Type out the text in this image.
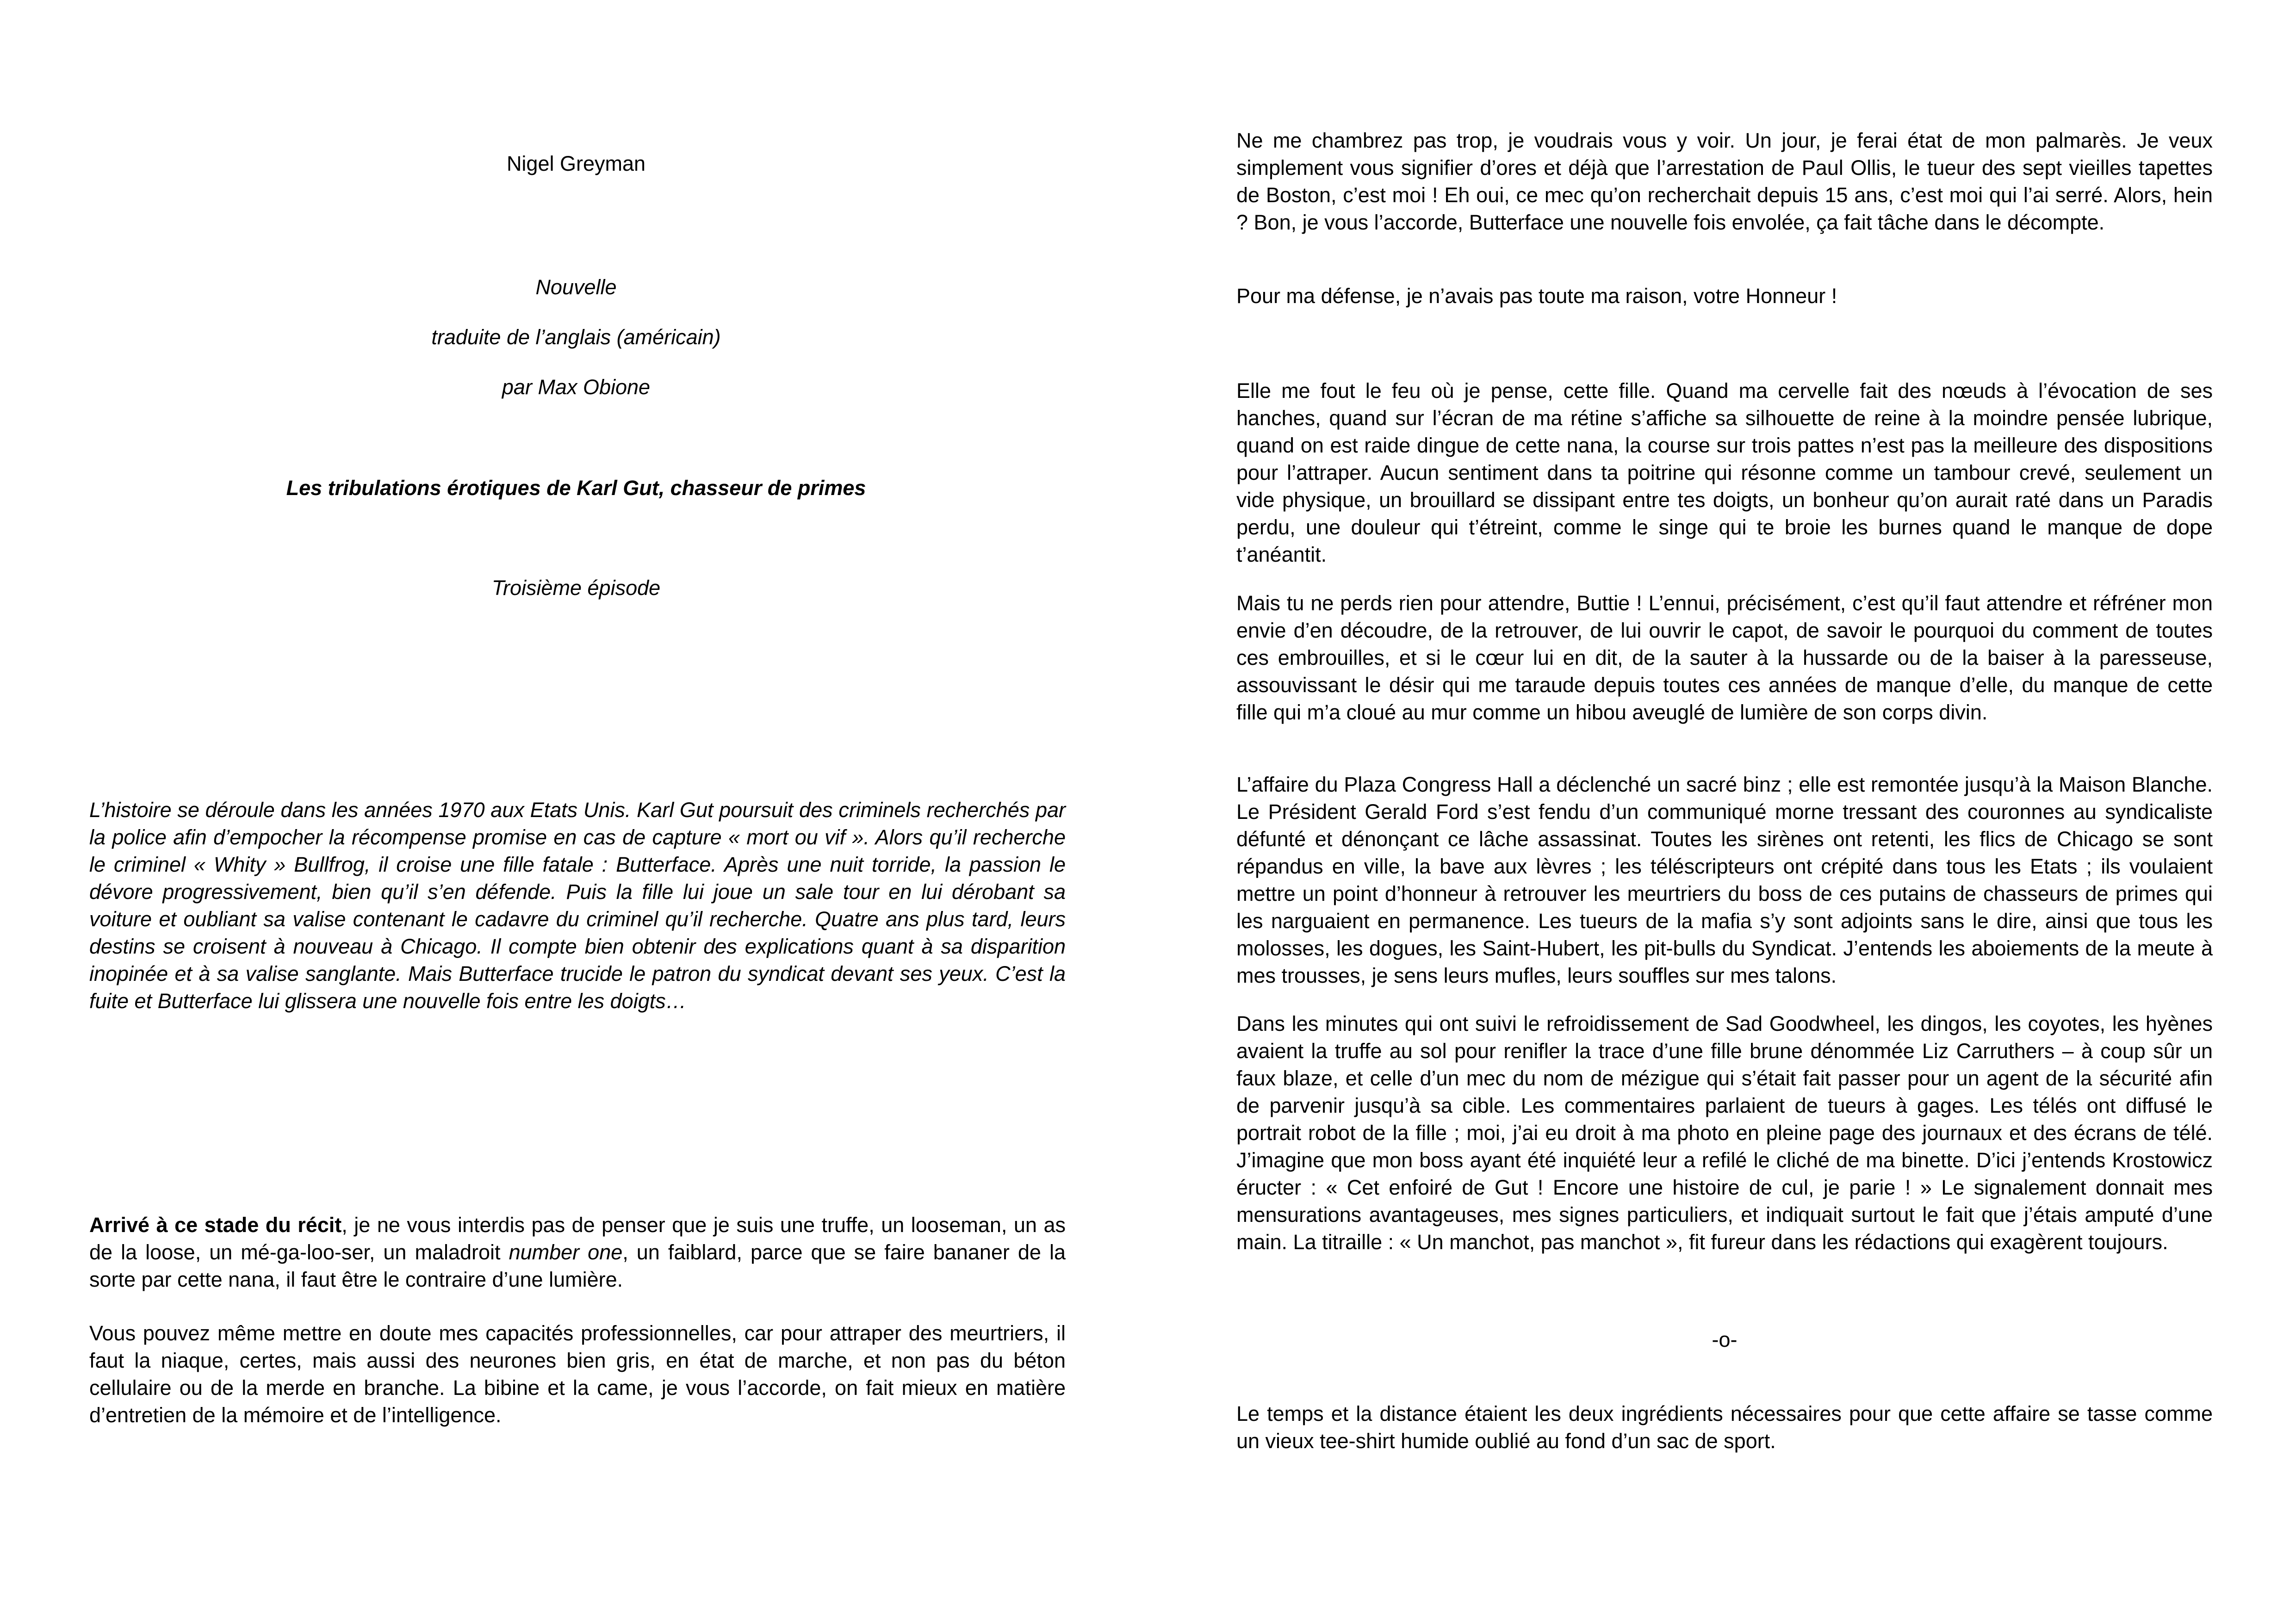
Nigel Greyman

Nouvelle

traduite de l’anglais (américain)

par Max Obione

Les tribulations érotiques de Karl Gut, chasseur de primes

Troisième épisode

L’histoire se déroule dans les années 1970 aux Etats Unis. Karl Gut poursuit des criminels recherchés par la police afin d’empocher la récompense promise en cas de capture « mort ou vif ». Alors qu’il recherche le criminel « Whity » Bullfrog, il croise une fille fatale : Butterface. Après une nuit torride, la passion le dévore progressivement, bien qu’il s’en défende. Puis la fille lui joue un sale tour en lui dérobant sa voiture et oubliant sa valise contenant le cadavre du criminel qu’il recherche. Quatre ans plus tard, leurs destins se croisent à nouveau à Chicago. Il compte bien obtenir des explications quant à sa disparition inopinée et à sa valise sanglante. Mais Butterface trucide le patron du syndicat devant ses yeux. C’est la fuite et Butterface lui glissera une nouvelle fois entre les doigts…

Arrivé à ce stade du récit, je ne vous interdis pas de penser que je suis une truffe, un looseman, un as de la loose, un mé-ga-loo-ser, un maladroit number one, un faiblard, parce que se faire bananer de la sorte par cette nana, il faut être le contraire d’une lumière.

Vous pouvez même mettre en doute mes capacités professionnelles, car pour attraper des meurtriers, il faut la niaque, certes, mais aussi des neurones bien gris, en état de marche, et non pas du béton cellulaire ou de la merde en branche. La bibine et la came, je vous l’accorde, on fait mieux en matière d’entretien de la mémoire et de l’intelligence.

Ne me chambrez pas trop, je voudrais vous y voir. Un jour, je ferai état de mon palmarès. Je veux simplement vous signifier d’ores et déjà que l’arrestation de Paul Ollis, le tueur des sept vieilles tapettes de Boston, c’est moi ! Eh oui, ce mec qu’on recherchait depuis 15 ans, c’est moi qui l’ai serré. Alors, hein ? Bon, je vous l’accorde, Butterface une nouvelle fois envolée, ça fait tâche dans le décompte.

Pour ma défense, je n’avais pas toute ma raison, votre Honneur !

Elle me fout le feu où je pense, cette fille. Quand ma cervelle fait des nœuds à l’évocation de ses hanches, quand sur l’écran de ma rétine s’affiche sa silhouette de reine à la moindre pensée lubrique, quand on est raide dingue de cette nana, la course sur trois pattes n’est pas la meilleure des dispositions pour l’attraper. Aucun sentiment dans ta poitrine qui résonne comme un tambour crevé, seulement un vide physique, un brouillard se dissipant entre tes doigts, un bonheur qu’on aurait raté dans un Paradis perdu, une douleur qui t’étreint, comme le singe qui te broie les burnes quand le manque de dope t’anéantit.

Mais tu ne perds rien pour attendre, Buttie ! L’ennui, précisément, c’est qu’il faut attendre et réfréner mon envie d’en découdre, de la retrouver, de lui ouvrir le capot, de savoir le pourquoi du comment de toutes ces embrouilles, et si le cœur lui en dit, de la sauter à la hussarde ou de la baiser à la paresseuse, assouvissant le désir qui me taraude depuis toutes ces années de manque d’elle, du manque de cette fille qui m’a cloué au mur comme un hibou aveuglé de lumière de son corps divin.

L’affaire du Plaza Congress Hall a déclenché un sacré binz ; elle est remontée jusqu’à la Maison Blanche. Le Président Gerald Ford s’est fendu d’un communiqué morne tressant des couronnes au syndicaliste défunté et dénonçant ce lâche assassinat. Toutes les sirènes ont retenti, les flics de Chicago se sont répandus en ville, la bave aux lèvres ; les téléscripteurs ont crépité dans tous les Etats ; ils voulaient mettre un point d’honneur à retrouver les meurtriers du boss de ces putains de chasseurs de primes qui les narguaient en permanence. Les tueurs de la mafia s’y sont adjoints sans le dire, ainsi que tous les molosses, les dogues, les Saint-Hubert, les pit-bulls du Syndicat. J’entends les aboiements de la meute à mes trousses, je sens leurs mufles, leurs souffles sur mes talons.

Dans les minutes qui ont suivi le refroidissement de Sad Goodwheel, les dingos, les coyotes, les hyènes avaient la truffe au sol pour renifler la trace d’une fille brune dénommée Liz Carruthers – à coup sûr un faux blaze, et celle d’un mec du nom de mézigue qui s’était fait passer pour un agent de la sécurité afin de parvenir jusqu’à sa cible. Les commentaires parlaient de tueurs à gages. Les télés ont diffusé le portrait robot de la fille ; moi, j’ai eu droit à ma photo en pleine page des journaux et des écrans de télé. J’imagine que mon boss ayant été inquiété leur a refilé le cliché de ma binette. D’ici j’entends Krostowicz éructer : « Cet enfoiré de Gut ! Encore une histoire de cul, je parie ! » Le signalement donnait mes mensurations avantageuses, mes signes particuliers, et indiquait surtout le fait que j’étais amputé d’une main. La titraille : « Un manchot, pas manchot », fit fureur dans les rédactions qui exagèrent toujours.

-o-

Le temps et la distance étaient les deux ingrédients nécessaires pour que cette affaire se tasse comme un vieux tee-shirt humide oublié au fond d’un sac de sport.
